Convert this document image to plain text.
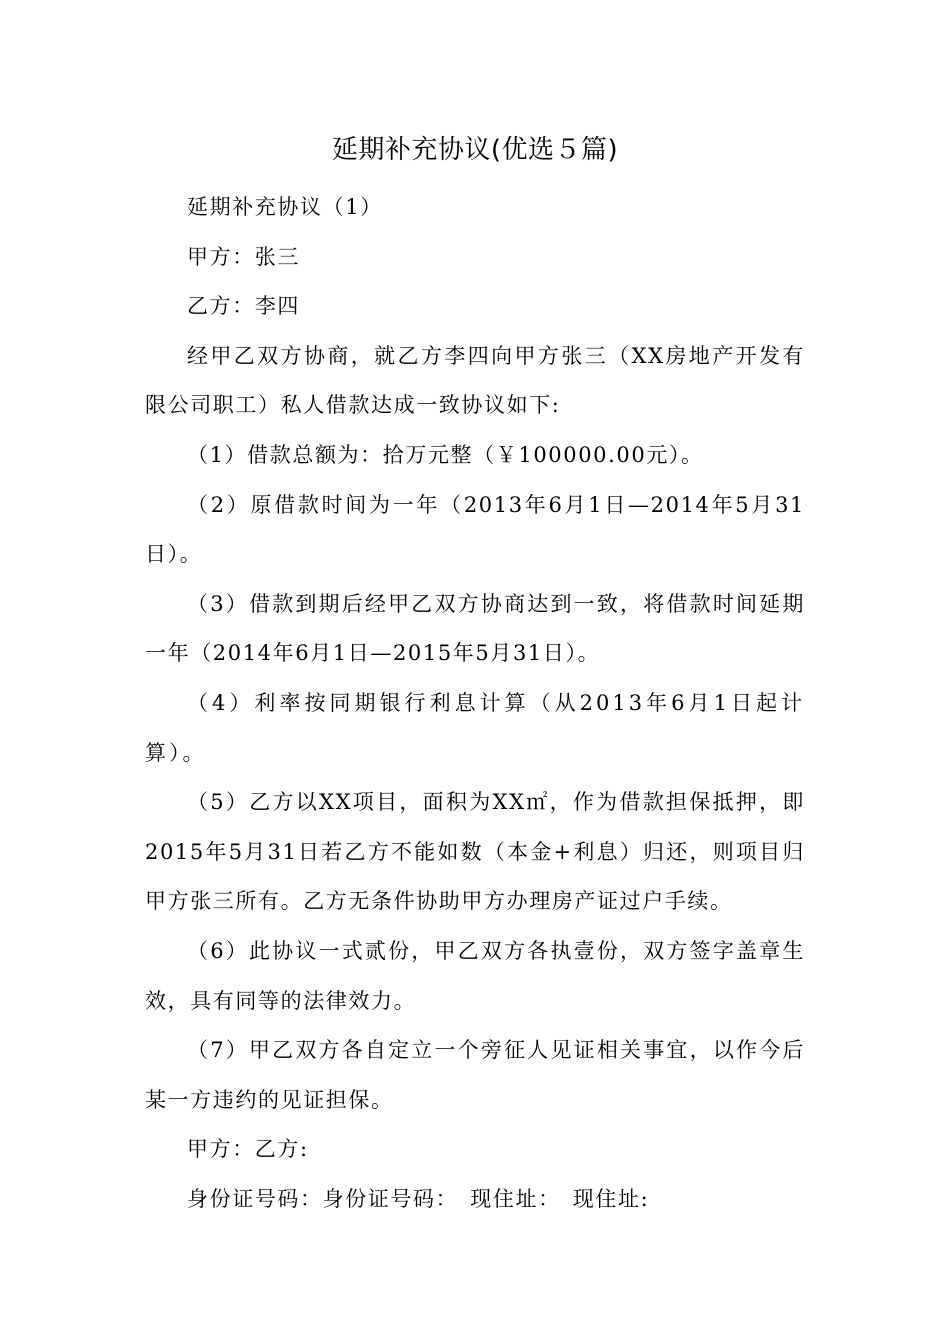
延期补充协议(优选５篇)

延期补充协议（1）

甲方：张三

乙方：李四

经甲乙双方协商，就乙方李四向甲方张三（XX房地产开发有限公司职工）私人借款达成一致协议如下:

（1）借款总额为：拾万元整（￥100000.00元）。

（2）原借款时间为一年（2013年6月1日—2014年5月31日）。

（3）借款到期后经甲乙双方协商达到一致，将借款时间延期一年（2014年6月1日—2015年5月31日）。

（4）利率按同期银行利息计算（从2013年6月1日起计算）。

（5）乙方以XX项目，面积为XX㎡，作为借款担保抵押，即2015年5月31日若乙方不能如数（本金+利息）归还，则项目归甲方张三所有。乙方无条件协助甲方办理房产证过户手续。

（6）此协议一式贰份，甲乙双方各执壹份，双方签字盖章生效，具有同等的法律效力。

（7）甲乙双方各自定立一个旁征人见证相关事宜，以作今后某一方违约的见证担保。

甲方：乙方:

身份证号码：身份证号码：　现住址：　现住址:
